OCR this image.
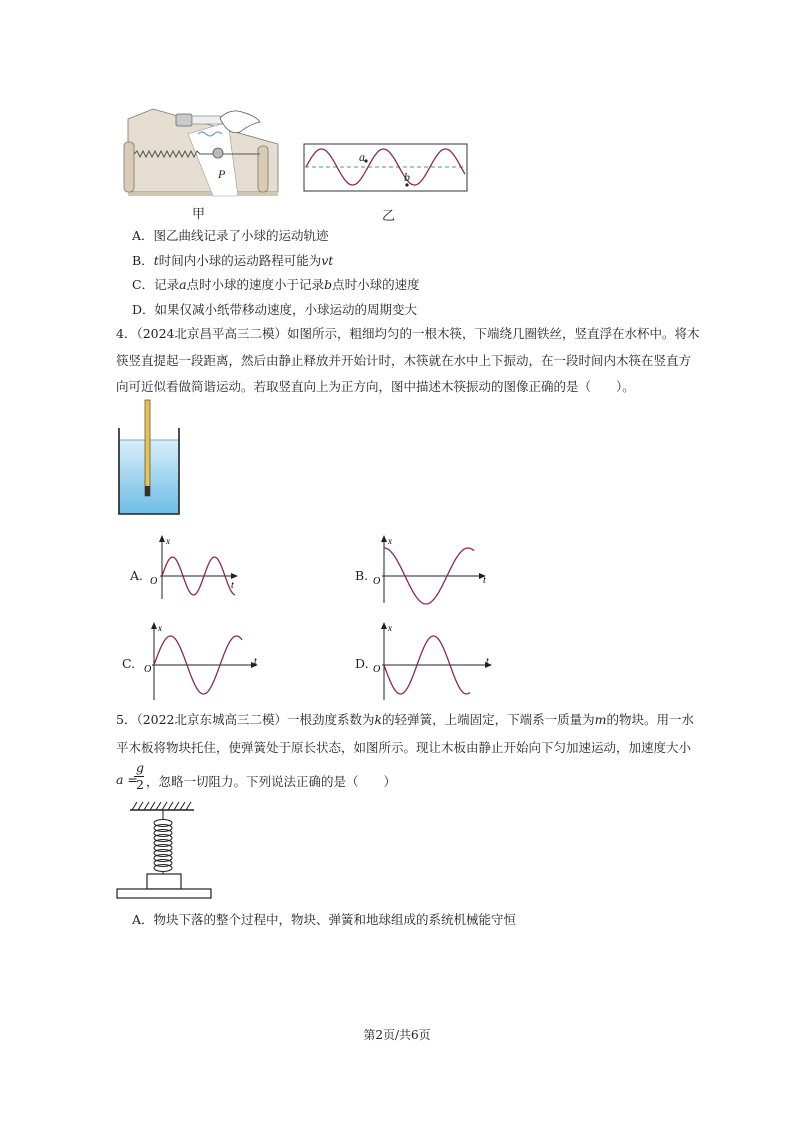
P
a
b
甲	乙
A．图乙曲线记录了小球的运动轨迹
B．t时间内小球的运动路程可能为vt
C．记录a点时小球的速度小于记录b点时小球的速度
D．如果仅减小纸带移动速度，小球运动的周期变大
4．（2024北京昌平高三二模）如图所示，粗细均匀的一根木筷，下端绕几圈铁丝，竖直浮在水杯中。将木
筷竖直提起一段距离，然后由静止释放并开始计时，木筷就在水中上下振动，在一段时间内木筷在竖直方
向可近似看做简谐运动。若取竖直向上为正方向，图中描述木筷振动的图像正确的是（　　）。
x
t
O
A.
x
t
O
B.
x
t
O
C.
x
t
O
D.
5．（2022北京东城高三二模）一根劲度系数为k的轻弹簧，上端固定，下端系一质量为m的物块。用一水
平木板将物块托住，使弹簧处于原长状态，如图所示。现让木板由静止开始向下匀加速运动，加速度大小
a =
g
2 ，忽略一切阻力。下列说法正确的是（　　）
A．物块下落的整个过程中，物块、弹簧和地球组成的系统机械能守恒
第2页/共6页
